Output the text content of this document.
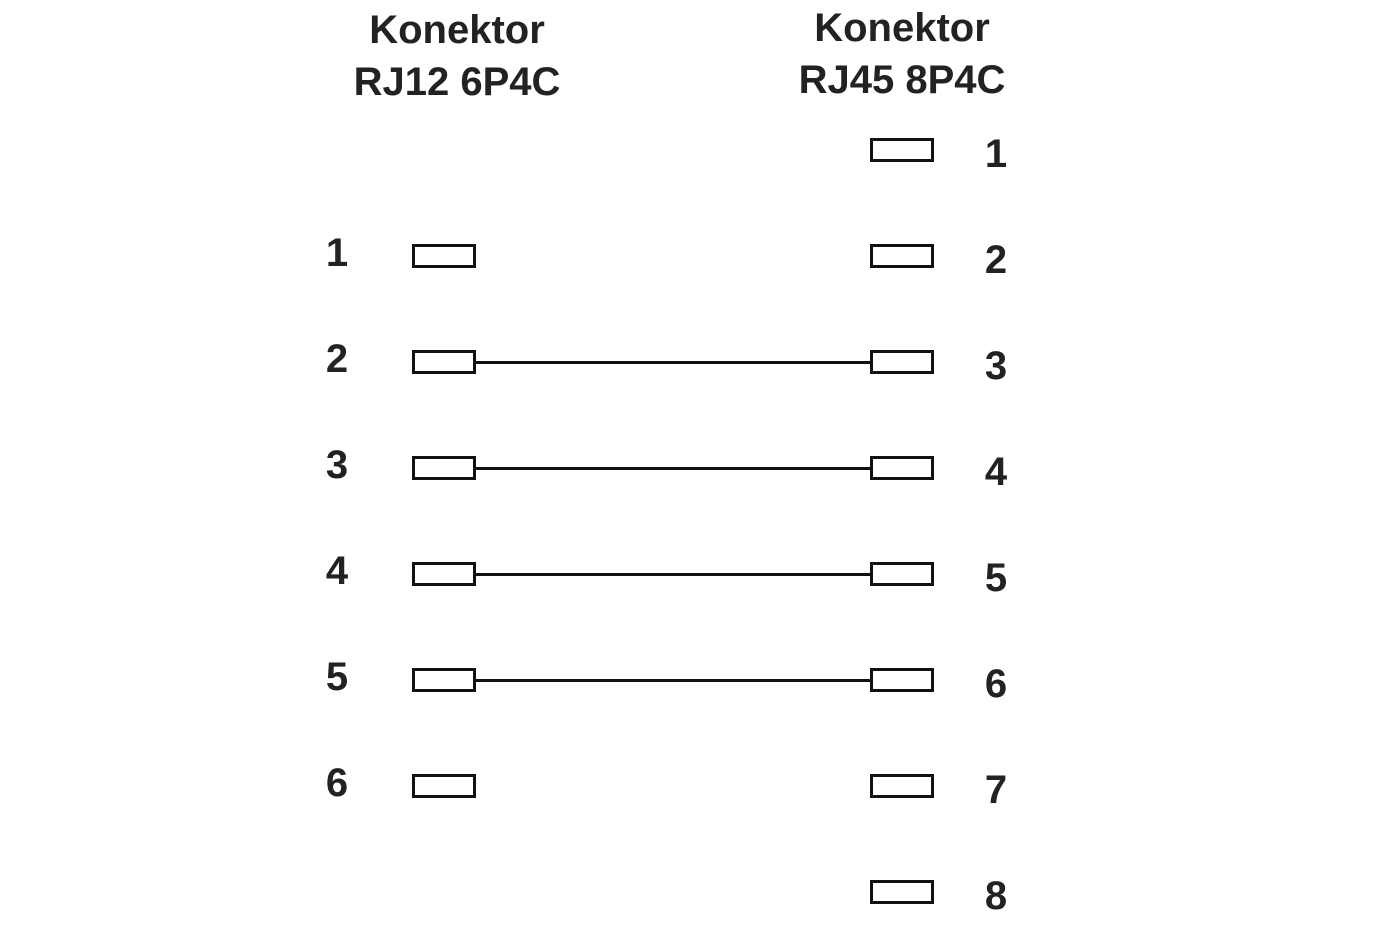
Konektor
RJ12 6P4C
Konektor
RJ45 8P4C
1
2
3
4
5
6
1
2
3
4
5
6
7
8
